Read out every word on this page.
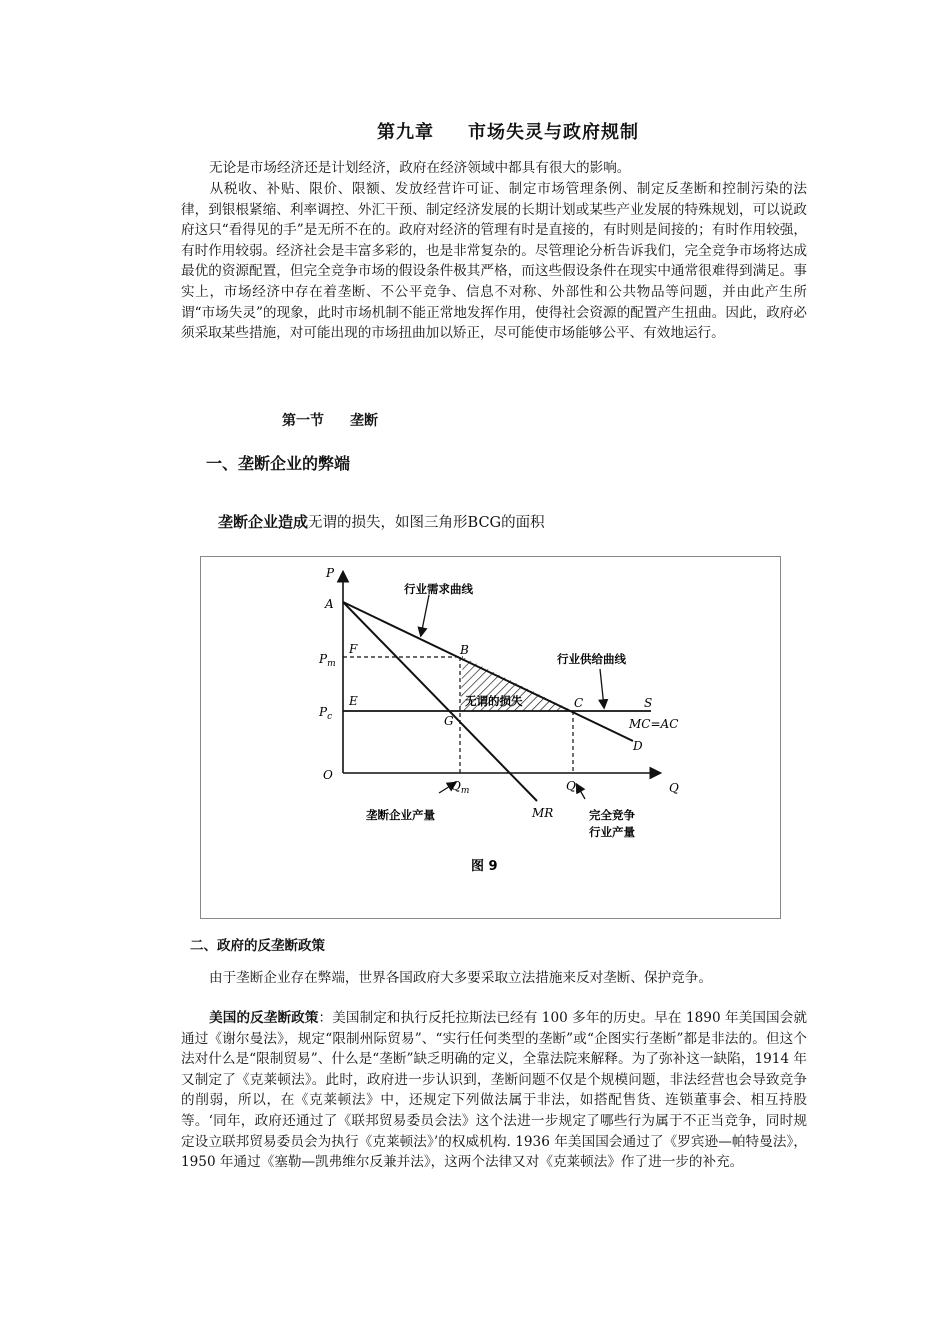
第九章 市场失灵与政府规制

无论是市场经济还是计划经济，政府在经济领域中都具有很大的影响。

从税收、补贴、限价、限额、发放经营许可证、制定市场管理条例、制定反垄断和控制污染的法律，到银根紧缩、利率调控、外汇干预、制定经济发展的长期计划或某些产业发展的特殊规划，可以说政府这只“看得见的手”是无所不在的。政府对经济的管理有时是直接的，有时则是间接的；有时作用较强，有时作用较弱。经济社会是丰富多彩的，也是非常复杂的。尽管理论分析告诉我们，完全竞争市场将达成最优的资源配置，但完全竞争市场的假设条件极其严格，而这些假设条件在现实中通常很难得到满足。事实上，市场经济中存在着垄断、不公平竞争、信息不对称、外部性和公共物品等问题，并由此产生所谓“市场失灵”的现象，此时市场机制不能正常地发挥作用，使得社会资源的配置产生扭曲。因此，政府必须采取某些措施，对可能出现的市场扭曲加以矫正，尽可能使市场能够公平、有效地运行。

第一节 垄断
一、垄断企业的弊端
垄断企业造成无谓的损失，如图三角形BCG的面积
P
Q
O
A
F
E
B
G
C	S
D
$P_m$
$P_c$
$Q_m$	$Q_c$
行业需求曲线
行业供给曲线
无谓的损失
MC=AC
MR
垄断企业产量	完全竞争
行业产量
图 9
二、政府的反垄断政策

由于垄断企业存在弊端，世界各国政府大多要采取立法措施来反对垄断、保护竞争。

美国的反垄断政策：美国制定和执行反托拉斯法已经有 100 多年的历史。早在 1890 年美国国会就通过《谢尔曼法》，规定“限制州际贸易”、“实行任何类型的垄断”或“企图实行垄断”都是非法的。但这个法对什么是“限制贸易”、什么是“垄断”缺乏明确的定义，全靠法院来解释。为了弥补这一缺陷，1914 年又制定了《克莱顿法》。此时，政府进一步认识到，垄断问题不仅是个规模问题，非法经营也会导致竞争的削弱，所以，在《克莱顿法》中，还规定下列做法属于非法，如搭配售货、连锁董事会、相互持股等。‘同年，政府还通过了《联邦贸易委员会法》这个法进一步规定了哪些行为属于不正当竞争，同时规定设立联邦贸易委员会为执行《克莱顿法》’的权威机构. 1936 年美国国会通过了《罗宾逊—帕特曼法》， 1950 年通过《塞勒—凯弗维尔反兼并法》，这两个法律又对《克莱顿法》作了进一步的补充。
